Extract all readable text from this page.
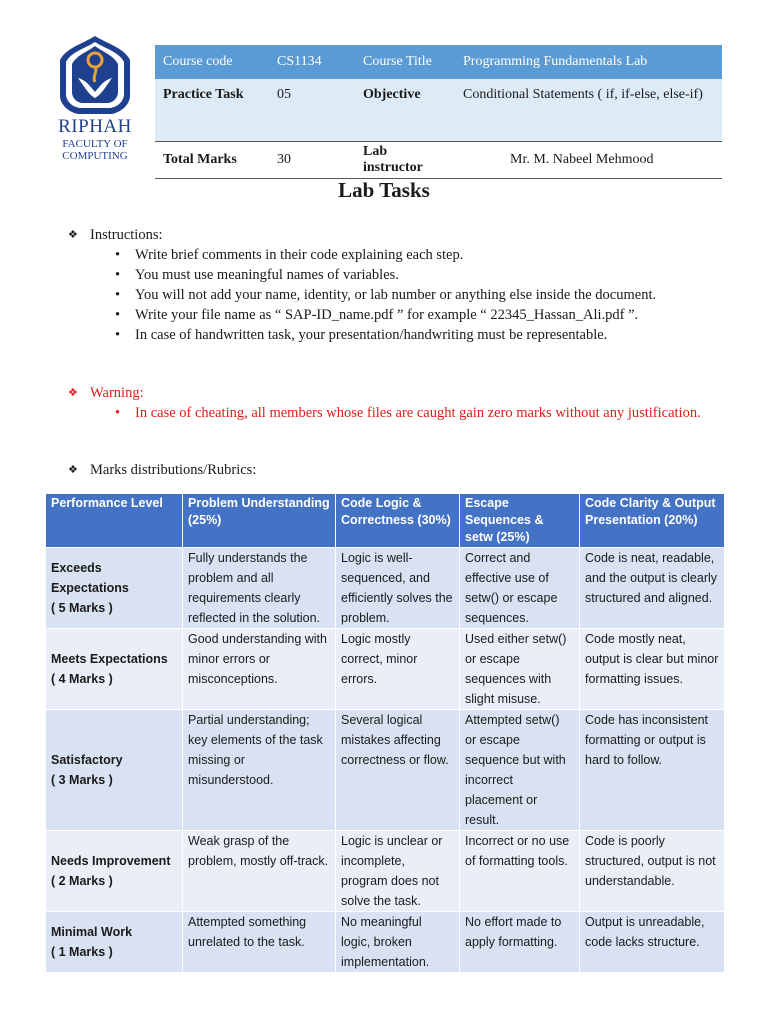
RIPHAH
FACULTY OF
COMPUTING
Course code	CS1134	Course Title	Programming Fundamentals Lab
Practice Task	05	Objective	Conditional Statements ( if, if-else, else-if)
Total Marks	30	Lab instructor	Mr. M. Nabeel Mehmood
Lab Tasks
❖ Instructions:
• Write brief comments in their code explaining each step.
• You must use meaningful names of variables.
• You will not add your name, identity, or lab number or anything else inside the document.
• Write your file name as “ SAP-ID_name.pdf ” for example “ 22345_Hassan_Ali.pdf ”.
• In case of handwritten task, your presentation/handwriting must be representable.
❖ Warning:
• In case of cheating, all members whose files are caught gain zero marks without any justification.
❖ Marks distributions/Rubrics:
Performance Level	Problem Understanding (25%)	Code Logic & Correctness (30%)	Escape Sequences & setw (25%)	Code Clarity & Output Presentation (20%)

Exceeds Expectations
( 5 Marks )	Fully understands the problem and all requirements clearly reflected in the solution.	Logic is well-sequenced, and efficiently solves the problem.	Correct and effective use of setw() or escape sequences.	Code is neat, readable, and the output is clearly structured and aligned.

Meets Expectations
( 4 Marks )	Good understanding with minor errors or misconceptions.	Logic mostly correct, minor errors.	Used either setw() or escape sequences with slight misuse.	Code mostly neat, output is clear but minor formatting issues.

Satisfactory
( 3 Marks )	Partial understanding; key elements of the task missing or misunderstood.	Several logical mistakes affecting correctness or flow.	Attempted setw() or escape sequence but with incorrect placement or result.	Code has inconsistent formatting or output is hard to follow.

Needs Improvement
( 2 Marks )	Weak grasp of the problem, mostly off-track.	Logic is unclear or incomplete, program does not solve the task.	Incorrect or no use of formatting tools.	Code is poorly structured, output is not understandable.

Minimal Work
( 1 Marks )	Attempted something unrelated to the task.	No meaningful logic, broken implementation.	No effort made to apply formatting.	Output is unreadable, code lacks structure.
